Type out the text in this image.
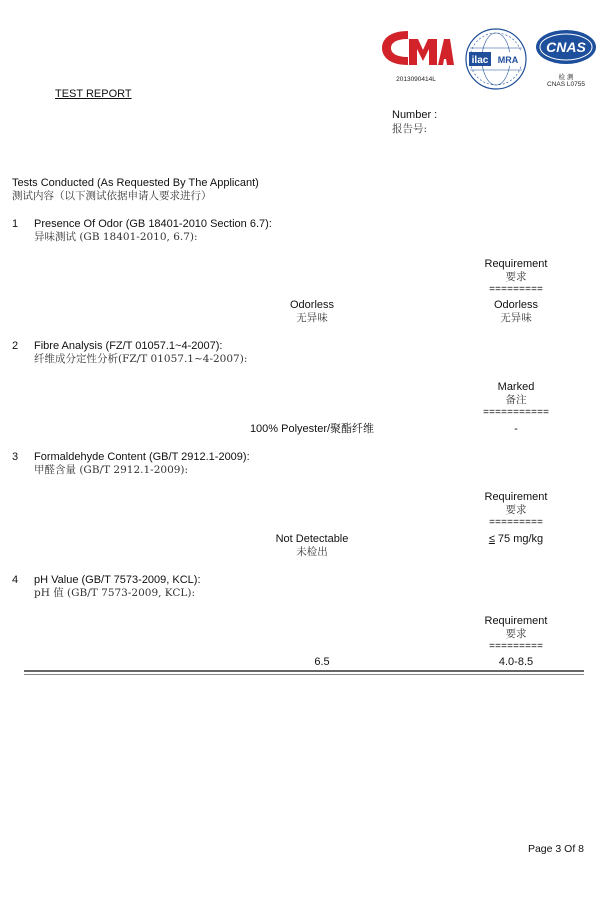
2013090414L
ilac MRA
CNAS
检 测
CNAS L0755
TEST REPORT
Number :
报告号:
Tests Conducted (As Requested By The Applicant)
测试内容（以下测试依据申请人要求进行）
1 Presence Of Odor (GB 18401-2010 Section 6.7):
异味测试 (GB 18401-2010, 6.7):
Requirement
要求
=========
Odorless
无异味
Odorless
无异味
2 Fibre Analysis (FZ/T 01057.1~4-2007):
纤维成分定性分析(FZ/T 01057.1~4-2007):
Marked
备注
===========
100% Polyester/聚酯纤维	-
3 Formaldehyde Content (GB/T 2912.1-2009):
甲醛含量 (GB/T 2912.1-2009):
Requirement
要求
=========
Not Detectable
未检出
≤ 75 mg/kg
4 pH Value (GB/T 7573-2009, KCL):
pH 值 (GB/T 7573-2009, KCL):
Requirement
要求
=========
6.5	4.0-8.5
Page 3 Of 8
